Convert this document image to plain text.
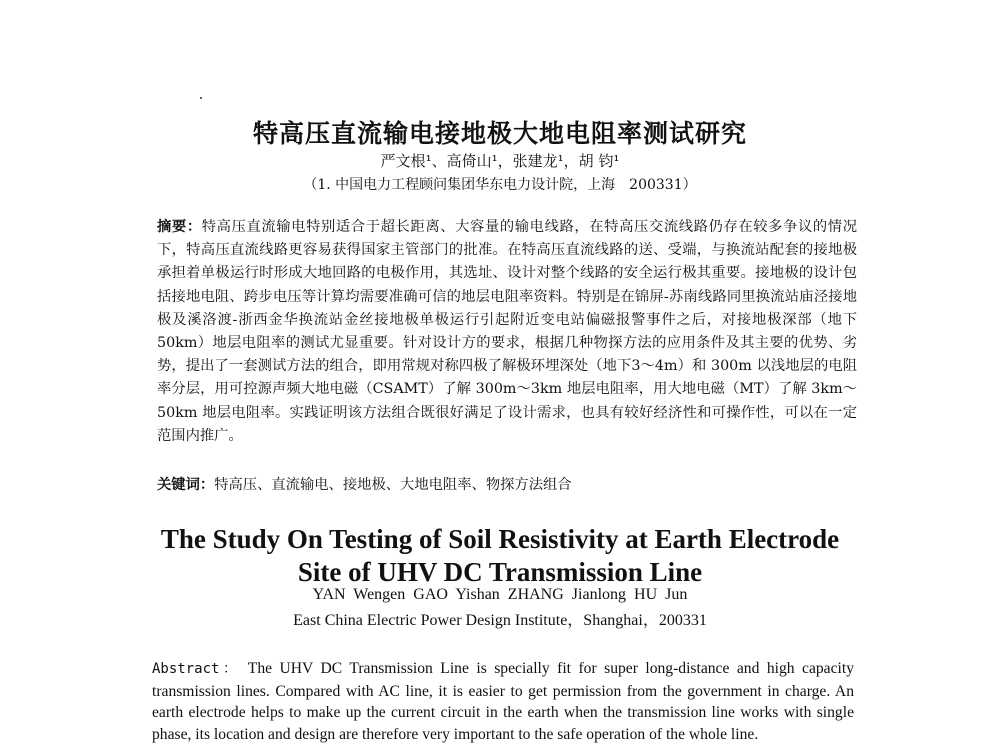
特高压直流输电接地极大地电阻率测试研究
严文根¹、高倚山¹，张建龙¹，胡 钧¹
（1. 中国电力工程顾问集团华东电力设计院，上海　200331）
摘要：特高压直流输电特别适合于超长距离、大容量的输电线路，在特高压交流线路仍存在较多争议的情况下，特高压直流线路更容易获得国家主管部门的批准。在特高压直流线路的送、受端，与换流站配套的接地极承担着单极运行时形成大地回路的电极作用，其选址、设计对整个线路的安全运行极其重要。接地极的设计包括接地电阻、跨步电压等计算均需要准确可信的地层电阻率资料。特别是在锦屏-苏南线路同里换流站庙泾接地极及溪洛渡-浙西金华换流站金丝接地极单极运行引起附近变电站偏磁报警事件之后，对接地极深部（地下50km）地层电阻率的测试尤显重要。针对设计方的要求，根据几种物探方法的应用条件及其主要的优势、劣势，提出了一套测试方法的组合，即用常规对称四极了解极环埋深处（地下3～4m）和 300m 以浅地层的电阻率分层，用可控源声频大地电磁（CSAMT）了解 300m～3km 地层电阻率，用大地电磁（MT）了解 3km～50km 地层电阻率。实践证明该方法组合既很好满足了设计需求，也具有较好经济性和可操作性，可以在一定范围内推广。
关键词：特高压、直流输电、接地极、大地电阻率、物探方法组合
The Study On Testing of Soil Resistivity at Earth Electrode
Site of UHV DC Transmission Line
YAN Wengen GAO Yishan ZHANG Jianlong HU Jun
East China Electric Power Design Institute，Shanghai，200331
Abstract： The UHV DC Transmission Line is specially fit for super long-distance and high capacity transmission lines. Compared with AC line, it is easier to get permission from the government in charge. An earth electrode helps to make up the current circuit in the earth when the transmission line works with single phase, its location and design are therefore very important to the safe operation of the whole line.
